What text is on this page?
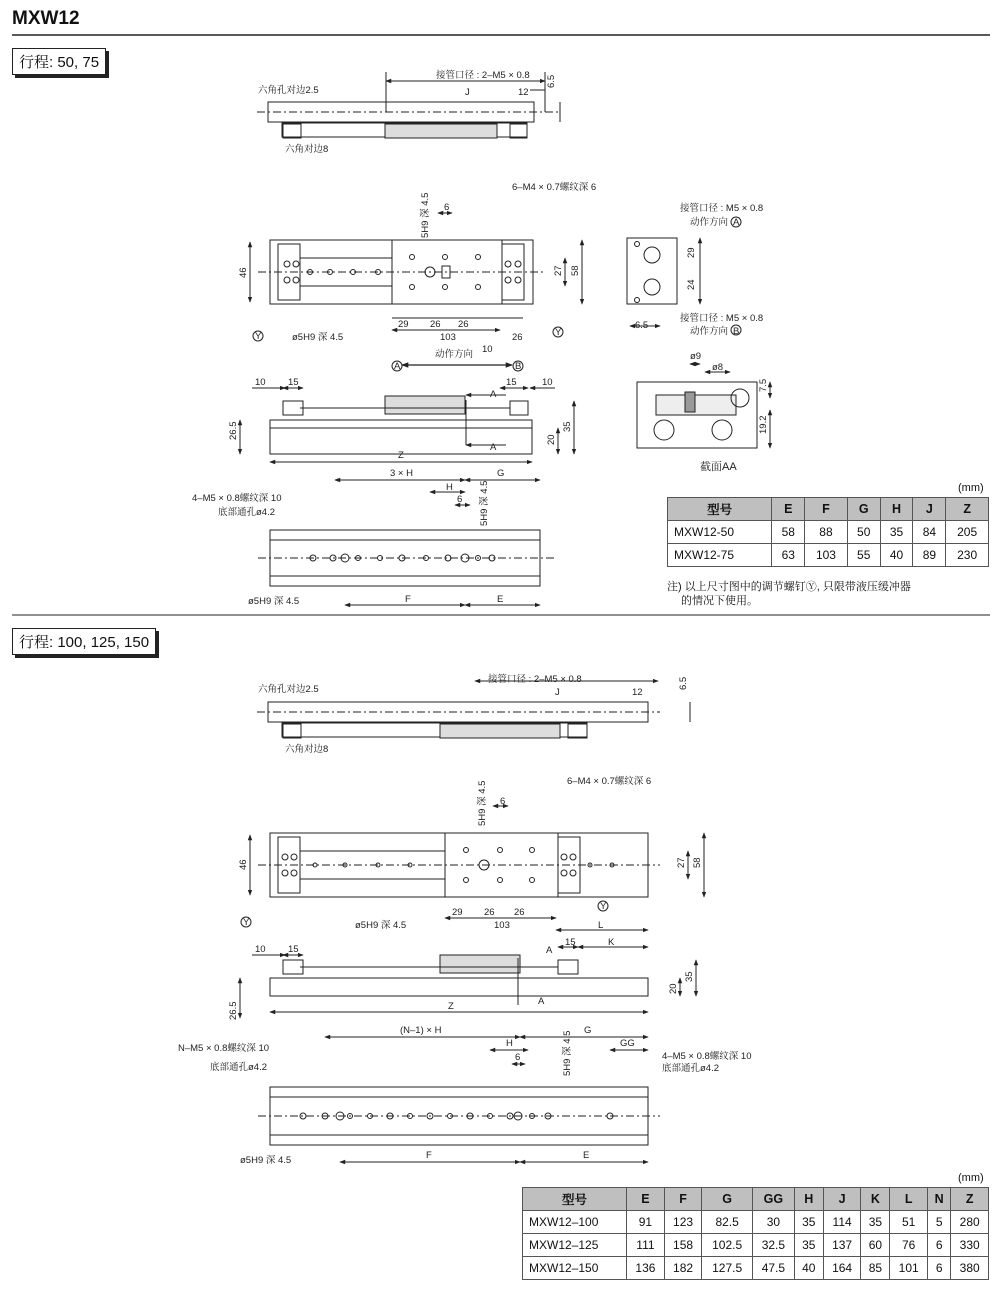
MXW12
行程: 50, 75
行程: 100, 125, 150
六角孔对边2.5
六角对边8
接管口径 : 2–M5 × 0.8
J	12
6.5
6–M4 × 0.7螺纹深 6
5H9 深 4.5 6
46	27 58
29 26 26
103	26
10
ø5H9 深 4.5
动作方向
A	B
Y	Y
接管口径 : M5 × 0.8
动作方向 A
接管口径 : M5 × 0.8
动作方向 B
29
24
6.5
ø9
ø8
7.5
19.2
截面AA
10 15
A
15	10
26.5	20
35
Z
A
3 × H	G
H
6 5H9 深 4.5
4–M5 × 0.8螺纹深 10
底部通孔ø4.2
ø5H9 深 4.5	F	E
六角孔对边2.5
六角对边8
接管口径 : 2–M5 × 0.8
J	12
6.5
6–M4 × 0.7螺纹深 6
5H9 深 4.5 6
46	27 58
29 26 26
103	L
ø5H9 深 4.5
Y
Y
10 15	A
15	K
35
20
26.5	Z	A
(N–1) × H	G
H	GG
6	5H9 深 4.5
N–M5 × 0.8螺纹深 10
底部通孔ø4.2
4–M5 × 0.8螺纹深 10
底部通孔ø4.2
ø5H9 深 4.5	F	E
(mm)
型号	E	F	G	H	J	Z
MXW12-50	58	88	50	35	84	205
MXW12-75	63	103	55	40	89	230
注) 以上尺寸图中的调节螺钉Ⓨ, 只限带液压缓冲器
的情况下使用。
(mm)
型号	E	F	G	GG	H	J	K	L	N	Z
MXW12–100	91	123	82.5	30	35	114	35	51	5	280
MXW12–125	111	158	102.5	32.5	35	137	60	76	6	330
MXW12–150	136	182	127.5	47.5	40	164	85	101	6	380
